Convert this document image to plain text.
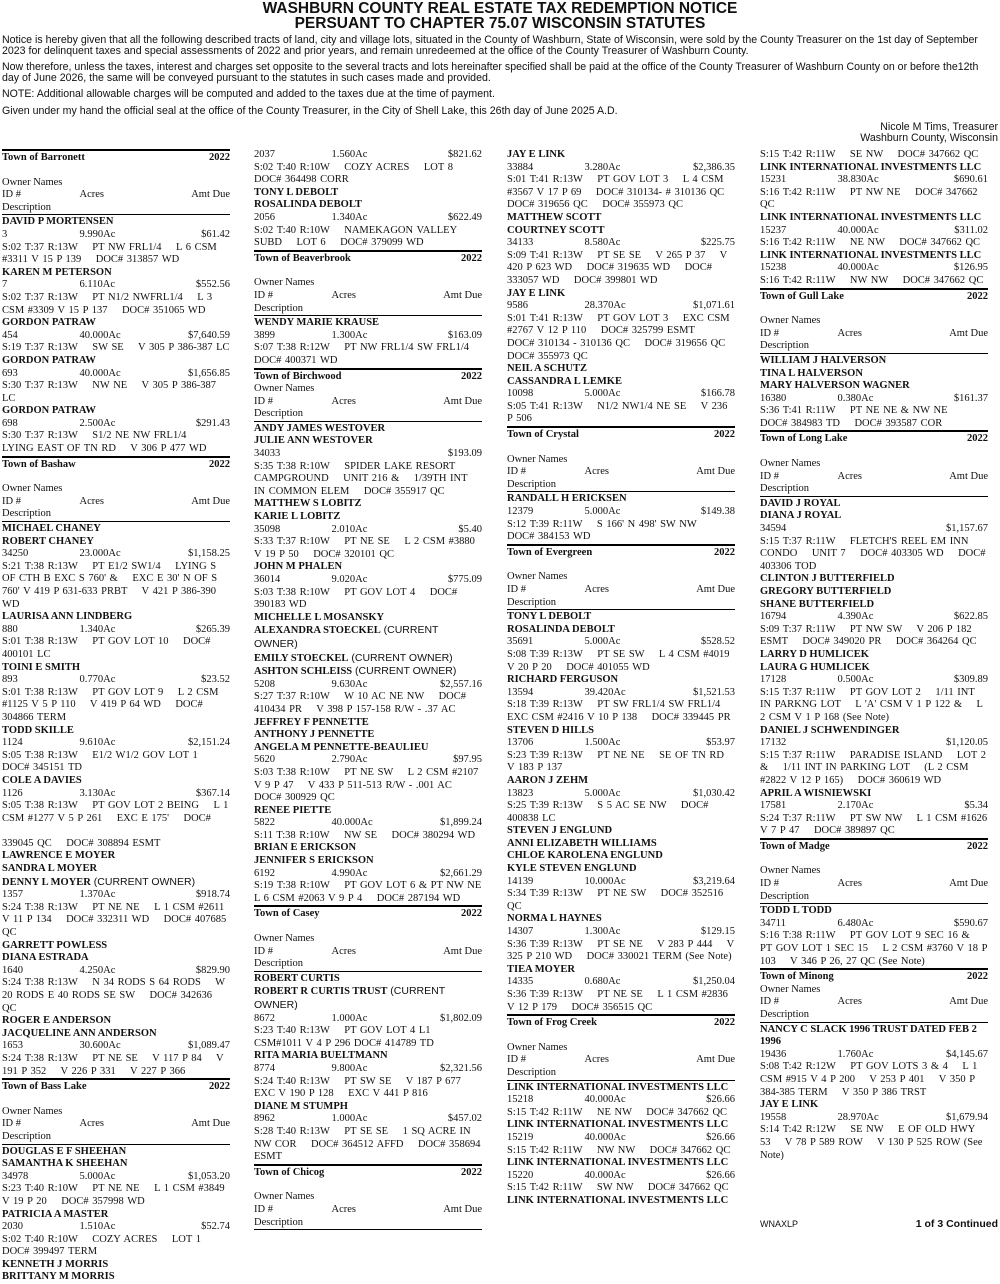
WASHBURN COUNTY REAL ESTATE TAX REDEMPTION NOTICE
PERSUANT TO CHAPTER 75.07 WISCONSIN STATUTES

Notice is hereby given that all the following described tracts of land, city and village lots, situated in the County of Washburn, State of Wisconsin, were sold by the County Treasurer on the 1st day of September 2023 for delinquent taxes and special assessments of 2022 and prior years, and remain unredeemed at the office of the County Treasurer of Washburn County.

Now therefore, unless the taxes, interest and charges set opposite to the several tracts and lots hereinafter specified shall be paid at the office of the County Treasurer of Washburn County on or before the12th day of June 2026, the same will be conveyed pursuant to the statutes in such cases made and provided.

NOTE: Additional allowable charges will be computed and added to the taxes due at the time of payment.

Given under my hand the official seal at the office of the County Treasurer, in the City of Shell Lake, this 26th day of June 2025 A.D.

Nicole M Tims, Treasurer
Washburn County, Wisconsin
Town of Barronett	2022
Owner Names
ID #	Acres	Amt Due
Description
DAVID P MORTENSEN
3	9.990Ac	$61.42
S:02 T:37 R:13W    PT NW FRL1/4    L 6 CSM #3311 V 15 P 139    DOC# 313857 WD
KAREN M PETERSON
7	6.110Ac	$552.56
S:02 T:37 R:13W    PT N1/2 NWFRL1/4    L 3 CSM #3309 V 15 P 137    DOC# 351065 WD
GORDON PATRAW
454	40.000Ac	$7,640.59
S:19 T:37 R:13W    SW SE    V 305 P 386-387 LC
GORDON PATRAW
693	40.000Ac	$1,656.85
S:30 T:37 R:13W    NW NE    V 305 P 386-387 LC
GORDON PATRAW
698	2.500Ac	$291.43
S:30 T:37 R:13W    S1/2 NE NW FRL1/4    LYING EAST OF TN RD    V 306 P 477 WD
Town of Bashaw	2022
Owner Names
ID #	Acres	Amt Due
Description
MICHAEL CHANEY
ROBERT CHANEY
34250	23.000Ac	$1,158.25
S:21 T:38 R:13W    PT E1/2 SW1/4    LYING S OF CTH B EXC S 760' &    EXC E 30' N OF S 760' V 419 P 631-633 PRBT    V 421 P 386-390 WD
LAURISA ANN LINDBERG
880	1.340Ac	$265.39
S:01 T:38 R:13W    PT GOV LOT 10    DOC# 400101 LC
TOINI E SMITH
893	0.770Ac	$23.52
S:01 T:38 R:13W    PT GOV LOT 9    L 2 CSM #1125 V 5 P 110    V 419 P 64 WD    DOC# 304866 TERM
TODD SKILLE
1124	9.610Ac	$2,151.24
S:05 T:38 R:13W    E1/2 W1/2 GOV LOT 1    DOC# 345151 TD
COLE A DAVIES
1126	3.130Ac	$367.14
S:05 T:38 R:13W    PT GOV LOT 2 BEING    L 1 CSM #1277 V 5 P 261    EXC E 175'    DOC#

339045 QC    DOC# 308894 ESMT
LAWRENCE E MOYER
SANDRA L MOYER
DENNY L MOYER (CURRENT OWNER)
1357	1.370Ac	$918.74
S:24 T:38 R:13W    PT NE NE    L 1 CSM #2611 V 11 P 134    DOC# 332311 WD    DOC# 407685 QC
GARRETT POWLESS
DIANA ESTRADA
1640	4.250Ac	$829.90
S:24 T:38 R:13W    N 34 RODS S 64 RODS    W 20 RODS E 40 RODS SE SW    DOC# 342636 QC
ROGER E ANDERSON
JACQUELINE ANN ANDERSON
1653	30.600Ac	$1,089.47
S:24 T:38 R:13W    PT NE SE    V 117 P 84    V 191 P 352    V 226 P 331    V 227 P 366
Town of Bass Lake	2022
Owner Names
ID #	Acres	Amt Due
Description
DOUGLAS E F SHEEHAN
SAMANTHA K SHEEHAN
34978	5.000Ac	$1,053.20
S:23 T:40 R:10W    PT NE NE    L 1 CSM #3849 V 19 P 20    DOC# 357998 WD
PATRICIA A MASTER
2030	1.510Ac	$52.74
S:02 T:40 R:10W    COZY ACRES    LOT 1    DOC# 399497 TERM
KENNETH J MORRIS
BRITTANY M MORRIS
2037	1.560Ac	$821.62
S:02 T:40 R:10W    COZY ACRES    LOT 8    DOC# 364498 CORR
TONY L DEBOLT
ROSALINDA DEBOLT
2056	1.340Ac	$622.49
S:02 T:40 R:10W    NAMEKAGON VALLEY SUBD    LOT 6    DOC# 379099 WD
Town of Beaverbrook	2022
Owner Names
ID #	Acres	Amt Due
Description
WENDY MARIE KRAUSE
3899	1.300Ac	$163.09
S:07 T:38 R:12W    PT NW FRL1/4 SW FRL1/4    DOC# 400371 WD
Town of Birchwood	2022
Owner Names
ID #	Acres	Amt Due
Description
ANDY JAMES WESTOVER
JULIE ANN WESTOVER
34033	$193.09
S:35 T:38 R:10W    SPIDER LAKE RESORT CAMPGROUND    UNIT 216 &    1/39TH INT IN COMMON ELEM    DOC# 355917 QC
MATTHEW S LOBITZ
KARIE L LOBITZ
35098	2.010Ac	$5.40
S:33 T:37 R:10W    PT NE SE    L 2 CSM #3880 V 19 P 50    DOC# 320101 QC
JOHN M PHALEN
36014	9.020Ac	$775.09
S:03 T:38 R:10W    PT GOV LOT 4    DOC# 390183 WD
MICHELLE L MOSANSKY
ALEXANDRA STOECKEL (CURRENT OWNER)
EMILY STOECKEL (CURRENT OWNER)
ASHTON SCHLEISS (CURRENT OWNER)
5208	9.630Ac	$2,557.16
S:27 T:37 R:10W    W 10 AC NE NW    DOC# 410434 PR    V 398 P 157-158 R/W - .37 AC
JEFFREY F PENNETTE
ANTHONY J PENNETTE
ANGELA M PENNETTE-BEAULIEU
5620	2.790Ac	$97.95
S:03 T:38 R:10W    PT NE SW    L 2 CSM #2107 V 9 P 47    V 433 P 511-513 R/W - .001 AC    DOC# 300929 QC
RENEE PIETTE
5822	40.000Ac	$1,899.24
S:11 T:38 R:10W    NW SE    DOC# 380294 WD
BRIAN E ERICKSON
JENNIFER S ERICKSON
6192	4.990Ac	$2,661.29
S:19 T:38 R:10W    PT GOV LOT 6 & PT NW NE    L 6 CSM #2063 V 9 P 4    DOC# 287194 WD
Town of Casey	2022
Owner Names
ID #	Acres	Amt Due
Description
ROBERT CURTIS
ROBERT R CURTIS TRUST (CURRENT OWNER)
8672	1.000Ac	$1,802.09
S:23 T:40 R:13W    PT GOV LOT 4 L1 CSM#1011 V 4 P 296 DOC# 414789 TD
RITA MARIA BUELTMANN
8774	9.800Ac	$2,321.56
S:24 T:40 R:13W    PT SW SE    V 187 P 677 EXC V 190 P 128    EXC V 441 P 816
DIANE M STUMPH
8962	1.000Ac	$457.02
S:28 T:40 R:13W    PT SE SE    1 SQ ACRE IN NW COR    DOC# 364512 AFFD    DOC# 358694 ESMT
Town of Chicog	2022
Owner Names
ID #	Acres	Amt Due
Description
JAY E LINK
33884	3.280Ac	$2,386.35
S:01 T:41 R:13W    PT GOV LOT 3    L 4 CSM #3567 V 17 P 69    DOC# 310134- # 310136 QC DOC# 319656 QC    DOC# 355973 QC
MATTHEW SCOTT
COURTNEY SCOTT
34133	8.580Ac	$225.75
S:09 T:41 R:13W    PT SE SE    V 265 P 37    V 420 P 623 WD    DOC# 319635 WD    DOC# 333057 WD    DOC# 399801 WD
JAY E LINK
9586	28.370Ac	$1,071.61
S:01 T:41 R:13W    PT GOV LOT 3    EXC CSM #2767 V 12 P 110    DOC# 325799 ESMT    DOC# 310134 - 310136 QC    DOC# 319656 QC    DOC# 355973 QC
NEIL A SCHUTZ
CASSANDRA L LEMKE
10098	5.000Ac	$166.78
S:05 T:41 R:13W    N1/2 NW1/4 NE SE    V 236 P 506
Town of Crystal	2022
Owner Names
ID #	Acres	Amt Due
Description
RANDALL H ERICKSEN
12379	5.000Ac	$149.38
S:12 T:39 R:11W    S 166' N 498' SW NW    DOC# 384153 WD
Town of Evergreen	2022
Owner Names
ID #	Acres	Amt Due
Description
TONY L DEBOLT
ROSALINDA DEBOLT
35691	5.000Ac	$528.52
S:08 T:39 R:13W    PT SE SW    L 4 CSM #4019 V 20 P 20    DOC# 401055 WD
RICHARD FERGUSON
13594	39.420Ac	$1,521.53
S:18 T:39 R:13W    PT SW FRL1/4 SW FRL1/4 EXC CSM #2416 V 10 P 138    DOC# 339445 PR
STEVEN D HILLS
13706	1.500Ac	$53.97
S:23 T:39 R:13W    PT NE NE    SE OF TN RD    V 183 P 137
AARON J ZEHM
13823	5.000Ac	$1,030.42
S:25 T:39 R:13W    S 5 AC SE NW    DOC# 400838 LC
STEVEN J ENGLUND
ANNI ELIZABETH WILLIAMS
CHLOE KAROLENA ENGLUND
KYLE STEVEN ENGLUND
14139	10.000Ac	$3,219.64
S:34 T:39 R:13W    PT NE SW    DOC# 352516 QC
NORMA L HAYNES
14307	1.300Ac	$129.15
S:36 T:39 R:13W    PT SE NE    V 283 P 444    V 325 P 210 WD    DOC# 330021 TERM (See Note)
TIEA MOYER
14335	0.680Ac	$1,250.04
S:36 T:39 R:13W    PT NE SE    L 1 CSM #2836 V 12 P 179    DOC# 356515 QC
Town of Frog Creek	2022
Owner Names
ID #	Acres	Amt Due
Description
LINK INTERNATIONAL INVESTMENTS LLC
15218	40.000Ac	$26.66
S:15 T:42 R:11W    NE NW    DOC# 347662 QC
LINK INTERNATIONAL INVESTMENTS LLC
15219	40.000Ac	$26.66
S:15 T:42 R:11W    NW NW    DOC# 347662 QC
LINK INTERNATIONAL INVESTMENTS LLC
15220	40.000Ac	$26.66
S:15 T:42 R:11W    SW NW    DOC# 347662 QC
LINK INTERNATIONAL INVESTMENTS LLC
S:15 T:42 R:11W    SE NW    DOC# 347662 QC
LINK INTERNATIONAL INVESTMENTS LLC
15231	38.830Ac	$690.61
S:16 T:42 R:11W    PT NW NE    DOC# 347662 QC
LINK INTERNATIONAL INVESTMENTS LLC
15237	40.000Ac	$311.02
S:16 T:42 R:11W    NE NW    DOC# 347662 QC
LINK INTERNATIONAL INVESTMENTS LLC
15238	40.000Ac	$126.95
S:16 T:42 R:11W    NW NW    DOC# 347662 QC
Town of Gull Lake	2022
Owner Names
ID #	Acres	Amt Due
Description
WILLIAM J HALVERSON
TINA L HALVERSON
MARY HALVERSON WAGNER
16380	0.380Ac	$161.37
S:36 T:41 R:11W    PT NE NE & NW NE    DOC# 384983 TD    DOC# 393587 COR
Town of Long Lake	2022
Owner Names
ID #	Acres	Amt Due
Description
DAVID J ROYAL
DIANA J ROYAL
34594	$1,157.67
S:15 T:37 R:11W    FLETCH'S REEL EM INN CONDO    UNIT 7    DOC# 403305 WD    DOC# 403306 TOD
CLINTON J BUTTERFIELD
GREGORY BUTTERFIELD
SHANE BUTTERFIELD
16794	4.390Ac	$622.85
S:09 T:37 R:11W    PT NW SW    V 206 P 182 ESMT    DOC# 349020 PR    DOC# 364264 QC
LARRY D HUMLICEK
LAURA G HUMLICEK
17128	0.500Ac	$309.89
S:15 T:37 R:11W    PT GOV LOT 2    1/11 INT IN PARKNG LOT    L 'A' CSM V 1 P 122 &    L 2 CSM V 1 P 168 (See Note)
DANIEL J SCHWENDINGER
17132	$1,120.05
S:15 T:37 R:11W    PARADISE ISLAND    LOT 2 &    1/11 INT IN PARKING LOT    (L 2 CSM #2822 V 12 P 165)    DOC# 360619 WD
APRIL A WISNIEWSKI
17581	2.170Ac	$5.34
S:24 T:37 R:11W    PT SW NW    L 1 CSM #1626 V 7 P 47    DOC# 389897 QC
Town of Madge	2022
Owner Names
ID #	Acres	Amt Due
Description
TODD L TODD
34711	6.480Ac	$590.67
S:16 T:38 R:11W    PT GOV LOT 9 SEC 16 &    PT GOV LOT 1 SEC 15    L 2 CSM #3760 V 18 P 103    V 346 P 26, 27 QC (See Note)
Town of Minong	2022
Owner Names
ID #	Acres	Amt Due
Description
NANCY C SLACK 1996 TRUST DATED FEB 2 1996
19436	1.760Ac	$4,145.67
S:08 T:42 R:12W    PT GOV LOTS 3 & 4    L 1 CSM #915 V 4 P 200    V 253 P 401    V 350 P 384-385 TERM    V 350 P 386 TRST
JAY E LINK
19558	28.970Ac	$1,679.94
S:14 T:42 R:12W    SE NW    E OF OLD HWY 53    V 78 P 589 ROW    V 130 P 525 ROW (See Note)
WNAXLP	1 of 3 Continued
